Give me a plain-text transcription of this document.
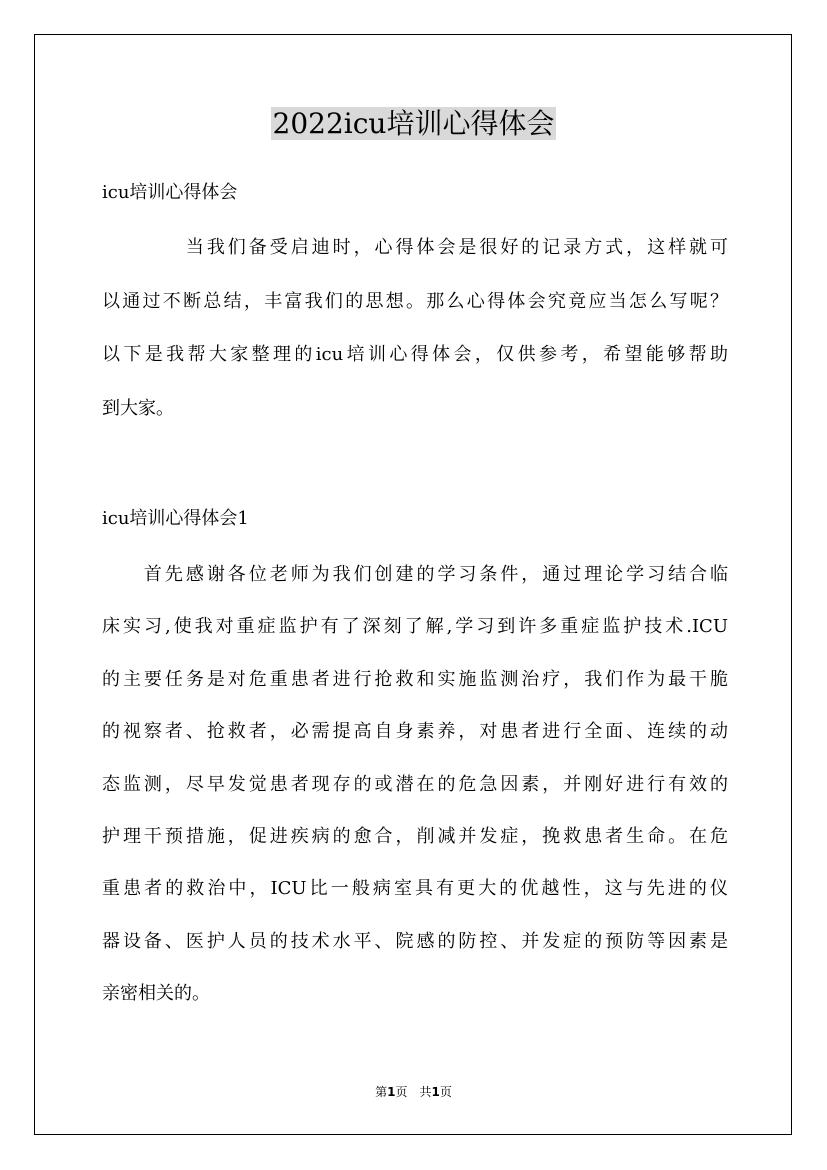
2022icu培训心得体会
icu培训心得体会
　　　　当我们备受启迪时，心得体会是很好的记录方式，这样就可
以通过不断总结，丰富我们的思想。那么心得体会究竟应当怎么写呢？
以下是我帮大家整理的icu培训心得体会，仅供参考，希望能够帮助
到大家。
icu培训心得体会1
　　首先感谢各位老师为我们创建的学习条件，通过理论学习结合临
床实习,使我对重症监护有了深刻了解,学习到许多重症监护技术.ICU
的主要任务是对危重患者进行抢救和实施监测治疗，我们作为最干脆
的视察者、抢救者，必需提高自身素养，对患者进行全面、连续的动
态监测，尽早发觉患者现存的或潜在的危急因素，并刚好进行有效的
护理干预措施，促进疾病的愈合，削减并发症，挽救患者生命。在危
重患者的救治中，ICU比一般病室具有更大的优越性，这与先进的仪
器设备、医护人员的技术水平、院感的防控、并发症的预防等因素是
亲密相关的。
第1页　共1页
